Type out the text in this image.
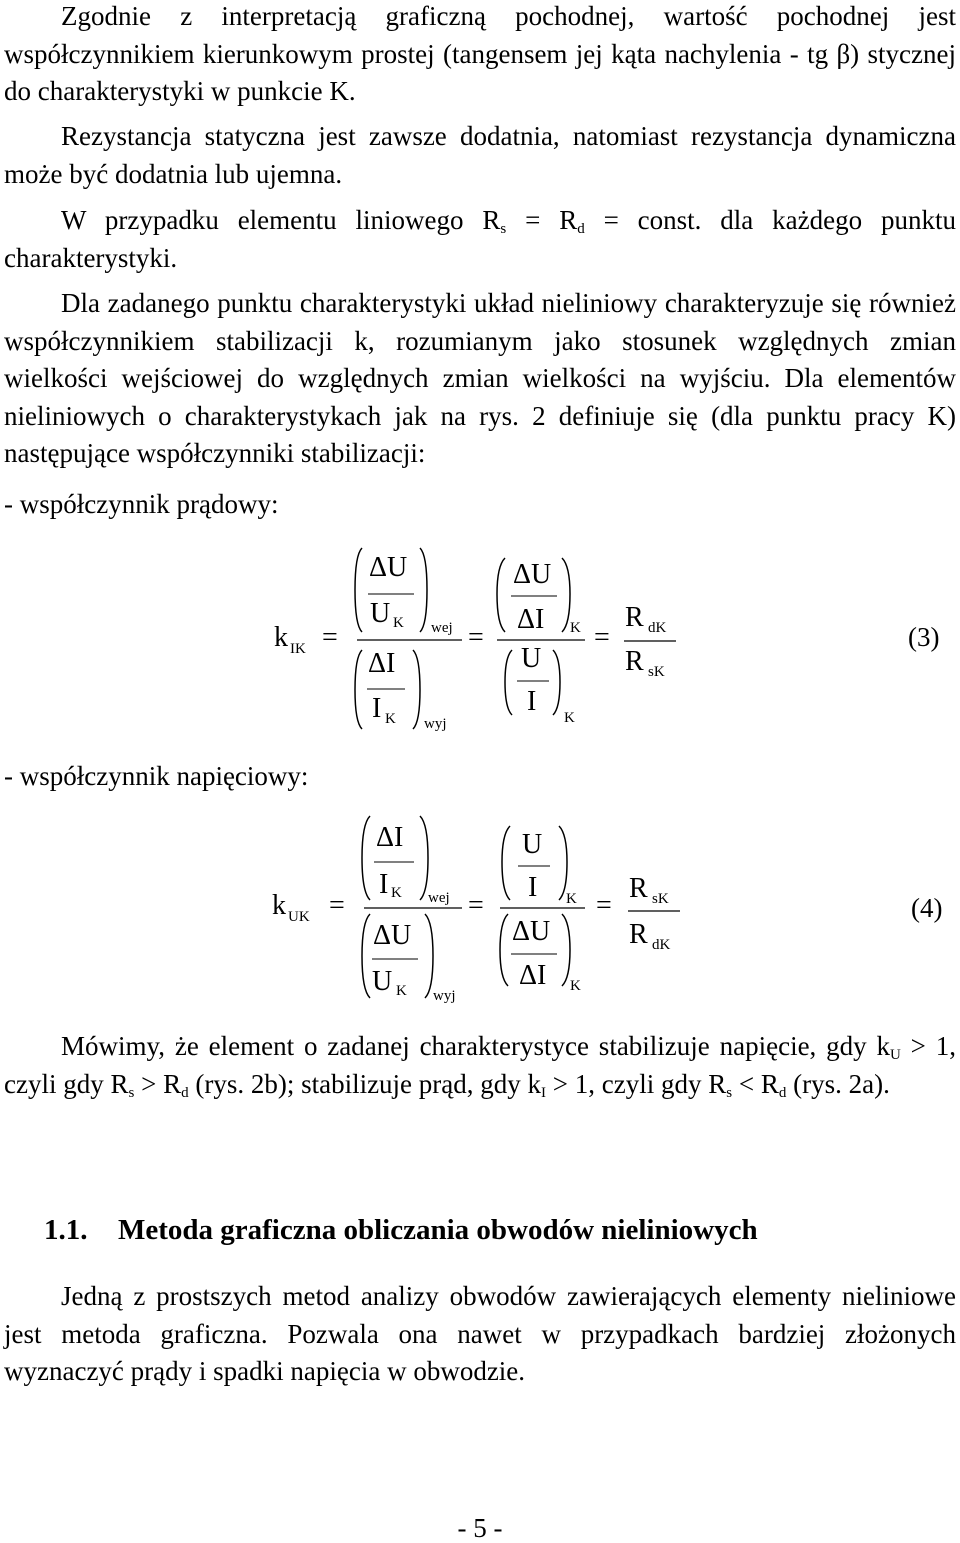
Zgodnie z interpretacją graficzną pochodnej, wartość pochodnej jest współczynnikiem kierunkowym prostej (tangensem jej kąta nachylenia - tg β) stycznej do charakterystyki w punkcie K.

Rezystancja statyczna jest zawsze dodatnia, natomiast rezystancja dynamiczna może być dodatnia lub ujemna.

W przypadku elementu liniowego $R_s = R_d$ = const. dla każdego punktu charakterystyki.

Dla zadanego punktu charakterystyki układ nieliniowy charakteryzuje się również współczynnikiem stabilizacji k, rozumianym jako stosunek względnych zmian wielkości wejściowej do względnych zmian wielkości na wyjściu. Dla elementów nieliniowych o charakterystykach jak na rys. 2 definiuje się (dla punktu pracy K) następujące współczynniki stabilizacji:

- współczynnik prądowy:

- współczynnik napięciowy:

k IK =
ΔU
U K wej
ΔI
I K wyj
=
ΔU
ΔI K
U
I
K
=
R dK
R sK
k UK =
ΔI
I K wej
ΔU
U K wyj
=
U
I K
ΔU
ΔI K
=
R sK
R dK
(3)
(4)

Mówimy, że element o zadanej charakterystyce stabilizuje napięcie, gdy $k_U > 1$, czyli gdy $R_s > R_d$ (rys. 2b); stabilizuje prąd, gdy $k_I > 1$, czyli gdy $R_s < R_d$ (rys. 2a).

1.1. Metoda graficzna obliczania obwodów nieliniowych

Jedną z prostszych metod analizy obwodów zawierających elementy nieliniowe jest metoda graficzna. Pozwala ona nawet w przypadkach bardziej złożonych wyznaczyć prądy i spadki napięcia w obwodzie.

- 5 -
